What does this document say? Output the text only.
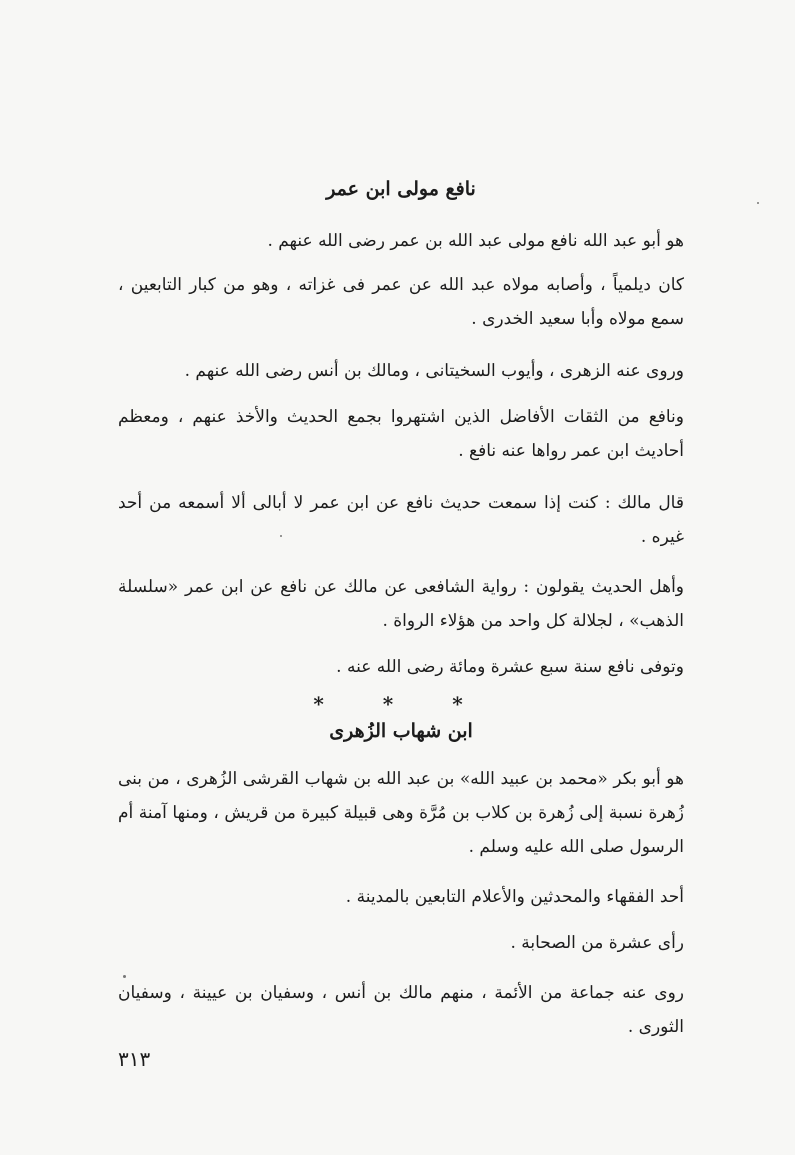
نافع مولى ابن عمر
هو أبو عبد الله نافع مولى عبد الله بن عمر رضى الله عنهم .
كان ديلمياً ، وأصابه مولاه عبد الله عن عمر فى غزاته ، وهو من كبار التابعين ، سمع مولاه وأبا سعيد الخدرى .
وروى عنه الزهرى ، وأيوب السخيتانى ، ومالك بن أنس رضى الله عنهم .
ونافع من الثقات الأفاضل الذين اشتهروا بجمع الحديث والأخذ عنهم ، ومعظم أحاديث ابن عمر رواها عنه نافع .
قال مالك : كنت إذا سمعت حديث نافع عن ابن عمر لا أبالى ألا أسمعه من أحد غيره .
وأهل الحديث يقولون : رواية الشافعى عن مالك عن نافع عن ابن عمر «سلسلة الذهب» ، لجلالة كل واحد من هؤلاء الرواة .
وتوفى نافع سنة سبع عشرة ومائة رضى الله عنه .
* * *
ابن شهاب الزُهرى
هو أبو بكر «محمد بن عبيد الله» بن عبد الله بن شهاب القرشى الزُهرى ، من بنى زُهرة نسبة إلى زُهرة بن كلاب بن مُرَّة وهى قبيلة كبيرة من قريش ، ومنها آمنة أم الرسول صلى الله عليه وسلم .
أحد الفقهاء والمحدثين والأعلام التابعين بالمدينة .
رأى عشرة من الصحابة .
روى عنه جماعة من الأئمة ، منهم مالك بن أنس ، وسفيان بن عيينة ، وسفيان الثورى .
٣١٣
